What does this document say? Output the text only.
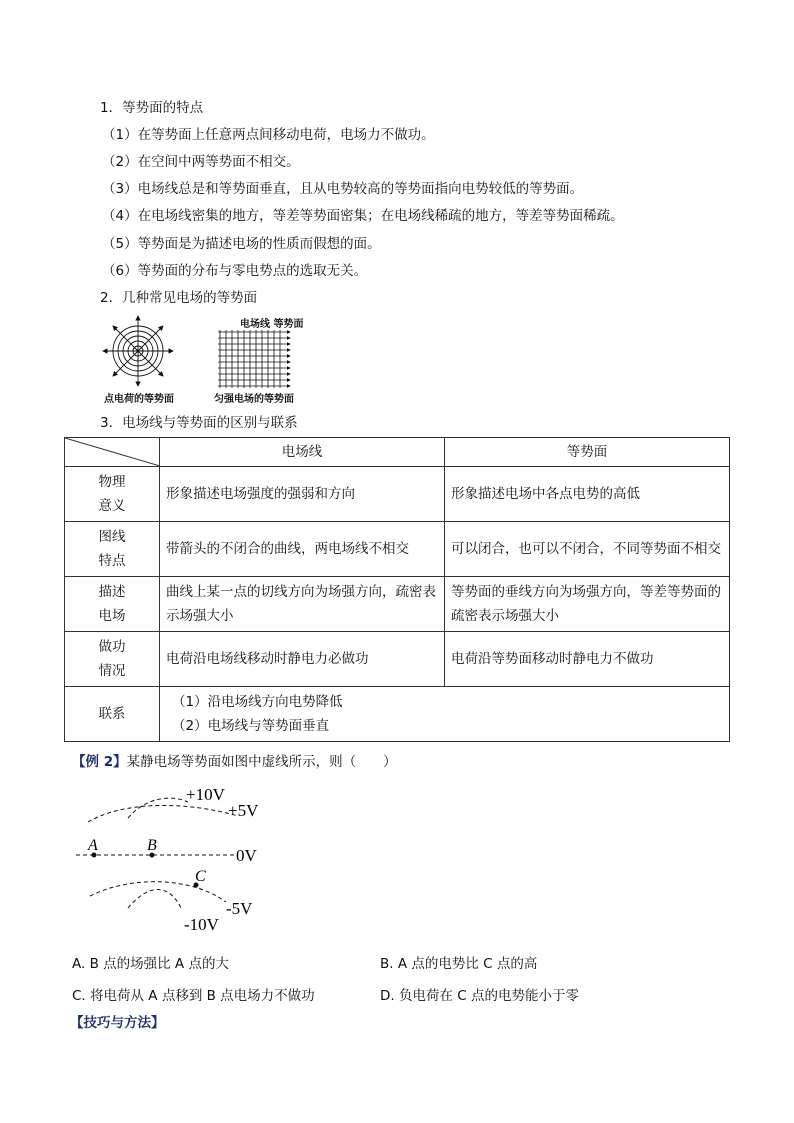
1．等势面的特点
（1）在等势面上任意两点间移动电荷，电场力不做功。
（2）在空间中两等势面不相交。
（3）电场线总是和等势面垂直，且从电势较高的等势面指向电势较低的等势面。
（4）在电场线密集的地方，等差等势面密集；在电场线稀疏的地方，等差等势面稀疏。
（5）等势面是为描述电场的性质而假想的面。
（6）等势面的分布与零电势点的选取无关。
2．几种常见电场的等势面
点电荷的等势面
电场线 等势面
匀强电场的等势面
3．电场线与等势面的区别与联系
	电场线	等势面

物理
意义	形象描述电场强度的强弱和方向	形象描述电场中各点电势的高低

图线
特点	带箭头的不闭合的曲线，两电场线不相交	可以闭合，也可以不闭合，不同等势面不相交

描述
电场	曲线上某一点的切线方向为场强方向，疏密表示场强大小	等势面的垂线方向为场强方向，等差等势面的疏密表示场强大小

做功
情况	电荷沿电场线移动时静电力必做功	电荷沿等势面移动时静电力不做功
联系	（1）沿电场线方向电势降低
（2）电场线与等势面垂直	
【例 2】某静电场等势面如图中虚线所示，则（　　）
+10V
+5V
0V
-5V
-10V
A	B
C
A. B 点的场强比 A 点的大	B. A 点的电势比 C 点的高
C. 将电荷从 A 点移到 B 点电场力不做功	D. 负电荷在 C 点的电势能小于零
【技巧与方法】
